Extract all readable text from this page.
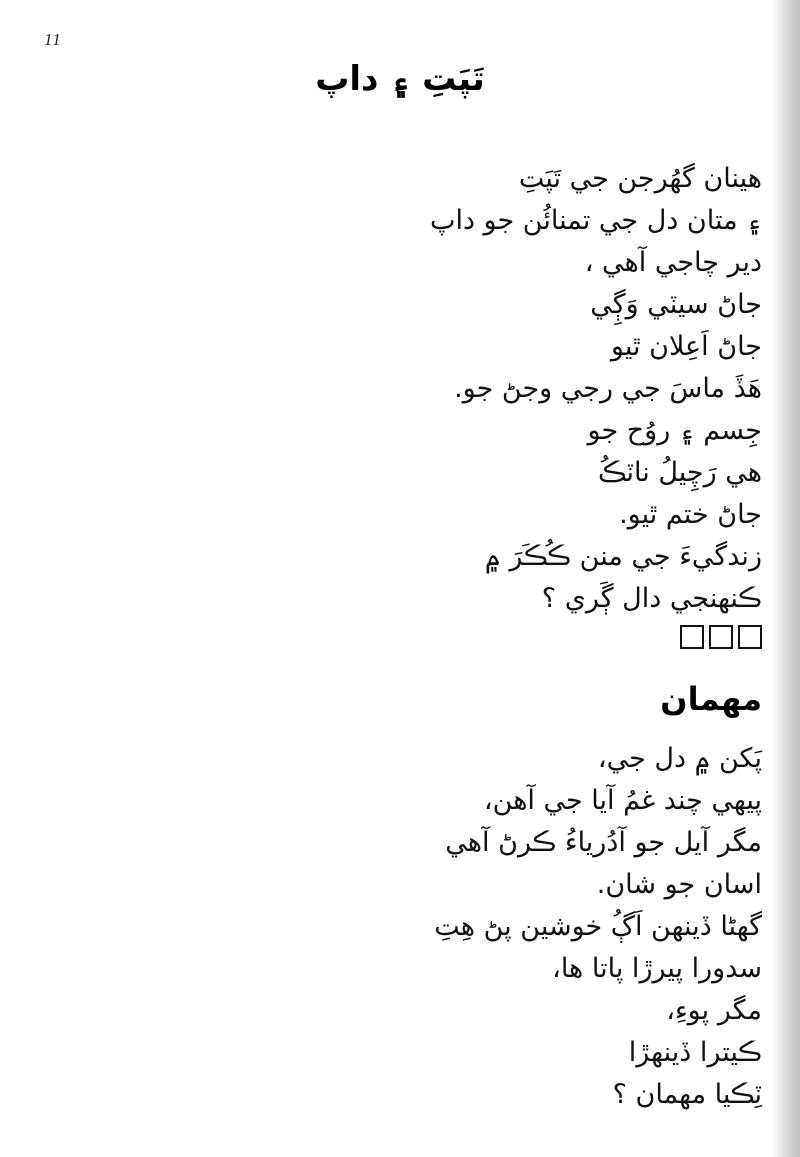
11
تَپَتِ ۽ داپ
هينان گهُرجن جي تَپَتِ
۽ متان دل جي تمنائُن جو داپ
دير چاجي آهي ،
جاڻ سيٽي وَڳِي
جاڻ اَعِلان ٿيو
هَڏَ ماسَ جي رجي وجڻ جو.
جِسم ۽ روُح جو
هي رَچِيلُ ناٽڪُ
جاڻ ختم ٿيو.
زندگيءَ جي منن ڪُڪَرَ ۾
ڪنهنجي دال ڳَري ؟
مهمان
پَکن ۾ دل جي،
پيهي چند غمُ آيا جي آهن،
مگر آيل جو آدُرياءُ ڪرڻ آهي
اسان جو شان.
گهڻا ڏينهن اَڳُ خوشين پڻ هِتِ
سدورا پيرڙا پاتا ها،
مگر پوءِ،
ڪيترا ڏينهڙا
ٽِڪيا مهمان ؟
